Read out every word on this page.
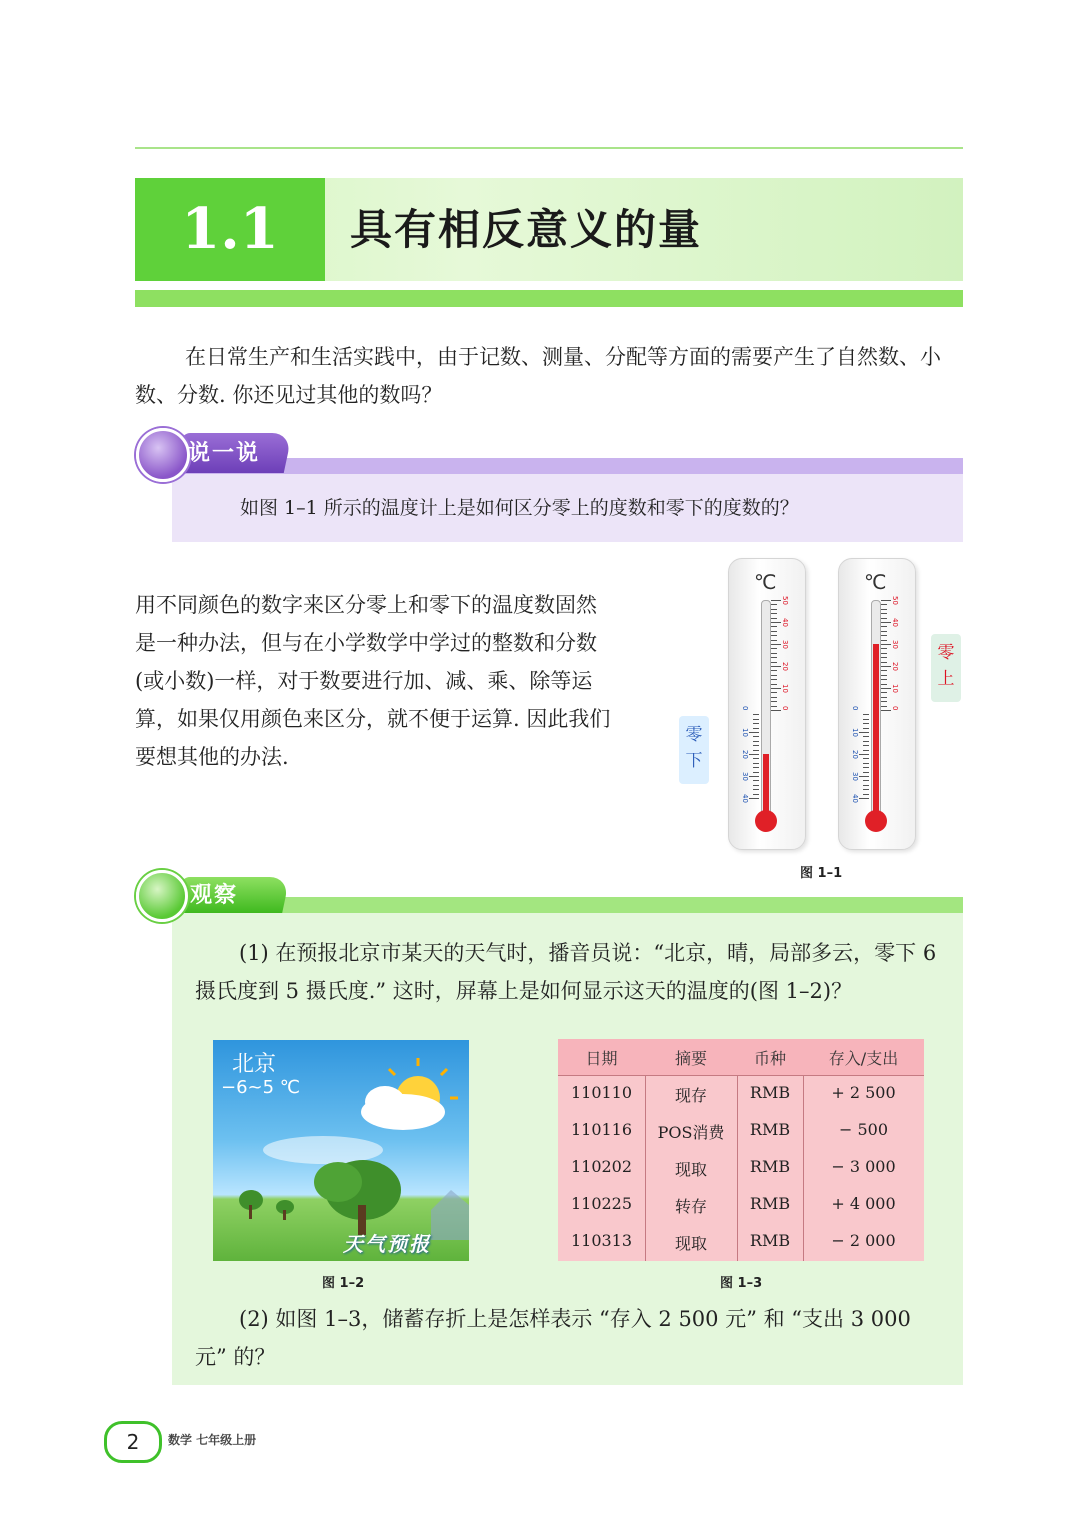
1.1	具有相反意义的量
在日常生产和生活实践中，由于记数、测量、分配等方面的需要产生了自然数、小数、分数. 你还见过其他的数吗？
说一说
如图 1–1 所示的温度计上是如何区分零上的度数和零下的度数的？
用不同颜色的数字来区分零上和零下的温度数固然是一种办法，但与在小学数学中学过的整数和分数(或小数)一样，对于数要进行加、减、乘、除等运算，如果仅用颜色来区分，就不便于运算. 因此我们要想其他的办法.
℃	℃
零下
零上
图 1–1
观察
(1) 在预报北京市某天的天气时，播音员说：“北京，晴，局部多云，零下 6 摄氏度到 5 摄氏度.” 这时，屏幕上是如何显示这天的温度的(图 1–2)？
北京
−6~5 ℃
天气预报
图 1–2
日期	摘要	币种	存入/支出
110110	现存	RMB	+ 2 500
110116	POS消费	RMB	− 500
110202	现取	RMB	− 3 000
110225	转存	RMB	+ 4 000
110313	现取	RMB	− 2 000
图 1–3
(2) 如图 1–3，储蓄存折上是怎样表示 “存入 2 500 元” 和 “支出 3 000 元” 的？
2	数学 七年级上册
50
40
30
20
10
0
0
10
20
30
40
50
40
30
20
10
0
0
10
20
30
40
